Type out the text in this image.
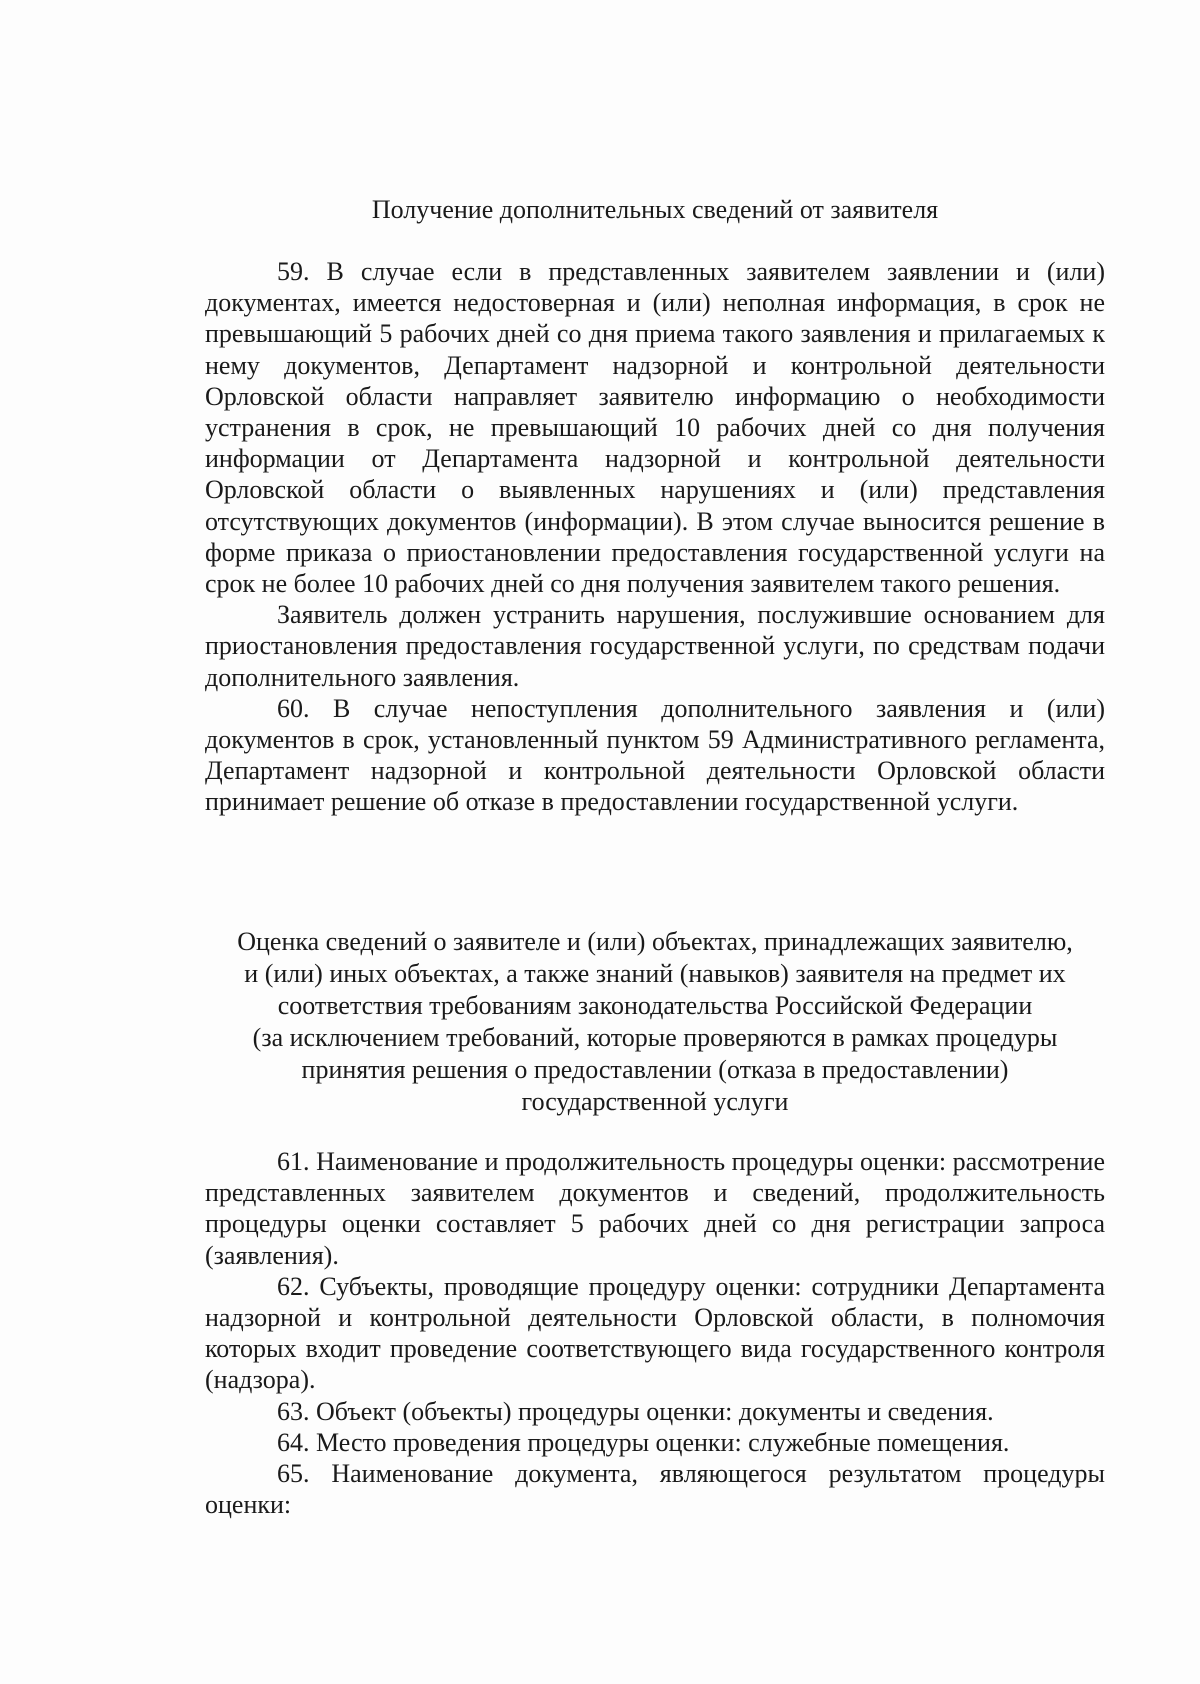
Получение дополнительных сведений от заявителя

59. В случае если в представленных заявителем заявлении и (или) документах, имеется недостоверная и (или) неполная информация, в срок не превышающий 5 рабочих дней со дня приема такого заявления и прилагаемых к нему документов, Департамент надзорной и контрольной деятельности Орловской области направляет заявителю информацию о необходимости устранения в срок, не превышающий 10 рабочих дней со дня получения информации от Департамента надзорной и контрольной деятельности Орловской области о выявленных нарушениях и (или) представления отсутствующих документов (информации). В этом случае выносится решение в форме приказа о приостановлении предоставления государственной услуги на срок не более 10 рабочих дней со дня получения заявителем такого решения.

Заявитель должен устранить нарушения, послужившие основанием для приостановления предоставления государственной услуги, по средствам подачи дополнительного заявления.

60. В случае непоступления дополнительного заявления и (или) документов в срок, установленный пунктом 59 Административного регламента, Департамент надзорной и контрольной деятельности Орловской области принимает решение об отказе в предоставлении государственной услуги.

Оценка сведений о заявителе и (или) объектах, принадлежащих заявителю,
и (или) иных объектах, а также знаний (навыков) заявителя на предмет их
соответствия требованиям законодательства Российской Федерации
(за исключением требований, которые проверяются в рамках процедуры
принятия решения о предоставлении (отказа в предоставлении)
государственной услуги

61. Наименование и продолжительность процедуры оценки: рассмотрение представленных заявителем документов и сведений, продолжительность процедуры оценки составляет 5 рабочих дней со дня регистрации запроса (заявления).

62. Субъекты, проводящие процедуру оценки: сотрудники Департамента надзорной и контрольной деятельности Орловской области, в полномочия которых входит проведение соответствующего вида государственного контроля (надзора).

63. Объект (объекты) процедуры оценки: документы и сведения.

64. Место проведения процедуры оценки: служебные помещения.

65. Наименование документа, являющегося результатом процедуры оценки:
